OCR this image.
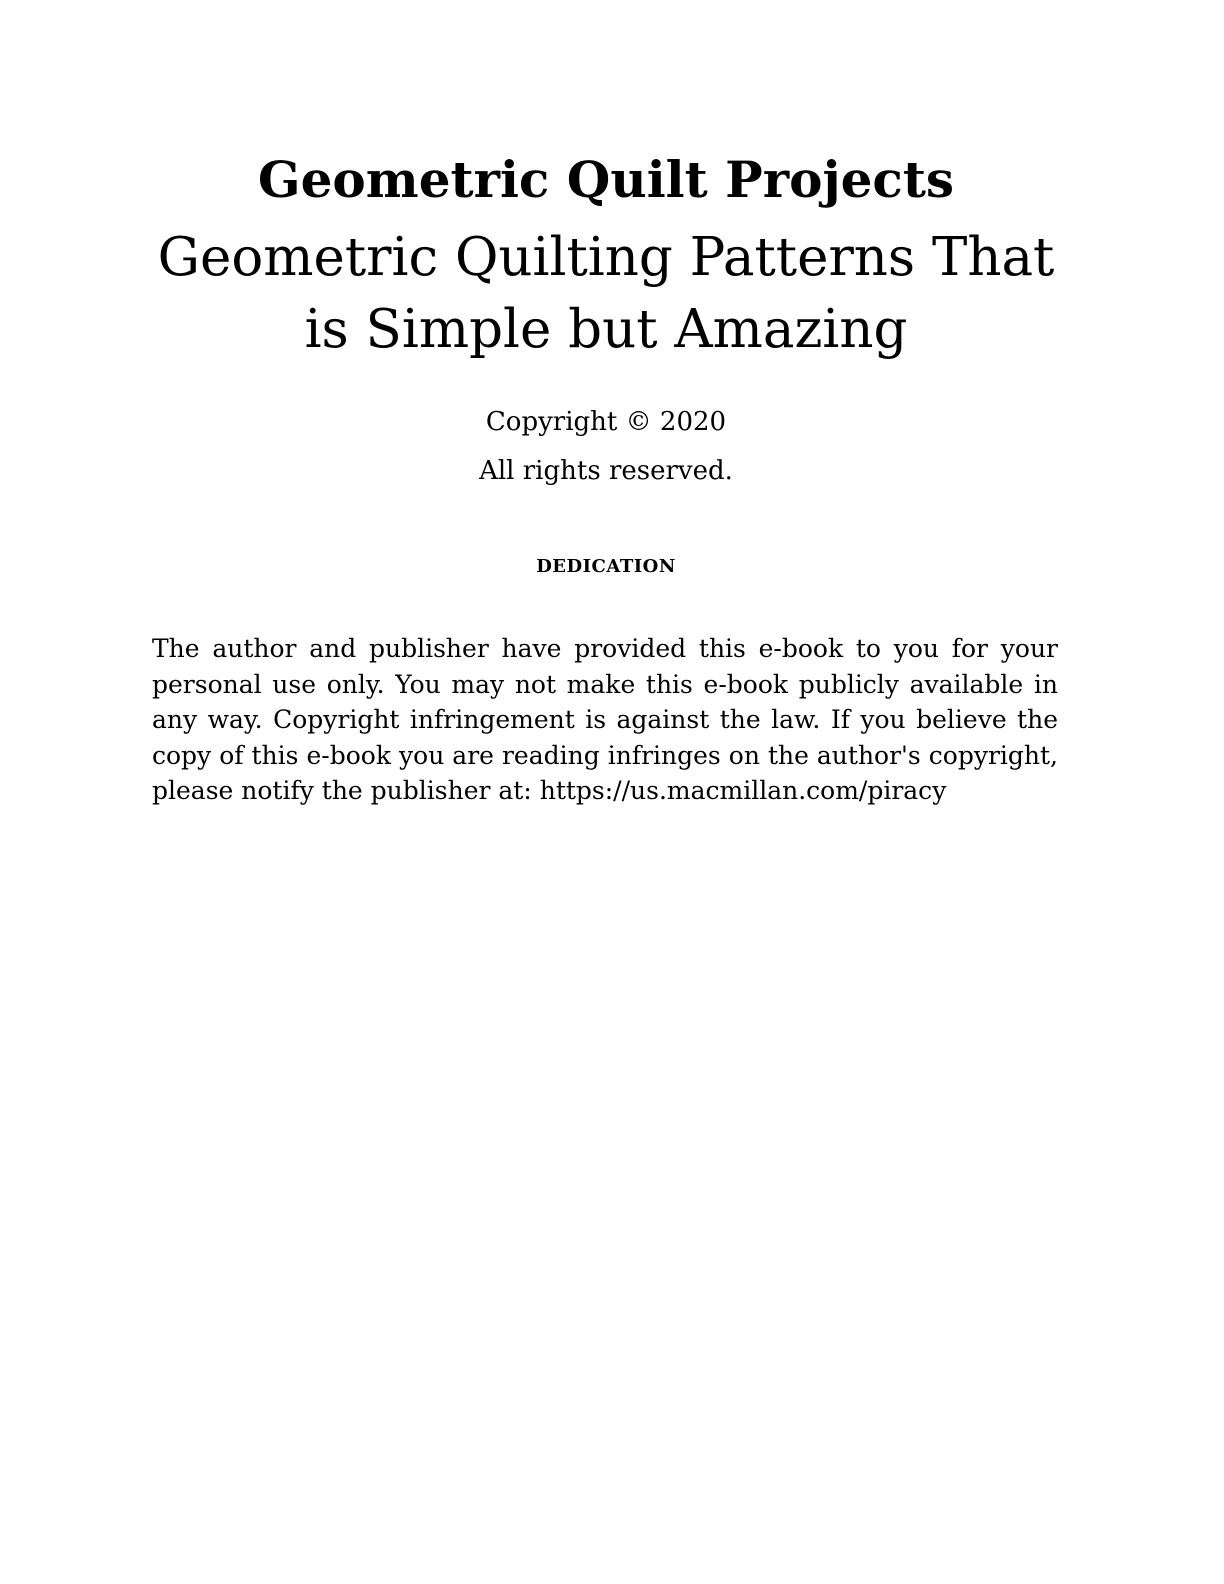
Geometric Quilt Projects
Geometric Quilting Patterns That is Simple but Amazing
Copyright © 2020
All rights reserved.
DEDICATION
The author and publisher have provided this e-book to you for your personal use only. You may not make this e-book publicly available in any way. Copyright infringement is against the law. If you believe the copy of this e-book you are reading infringes on the author's copyright, please notify the publisher at: https://us.macmillan.com/piracy
